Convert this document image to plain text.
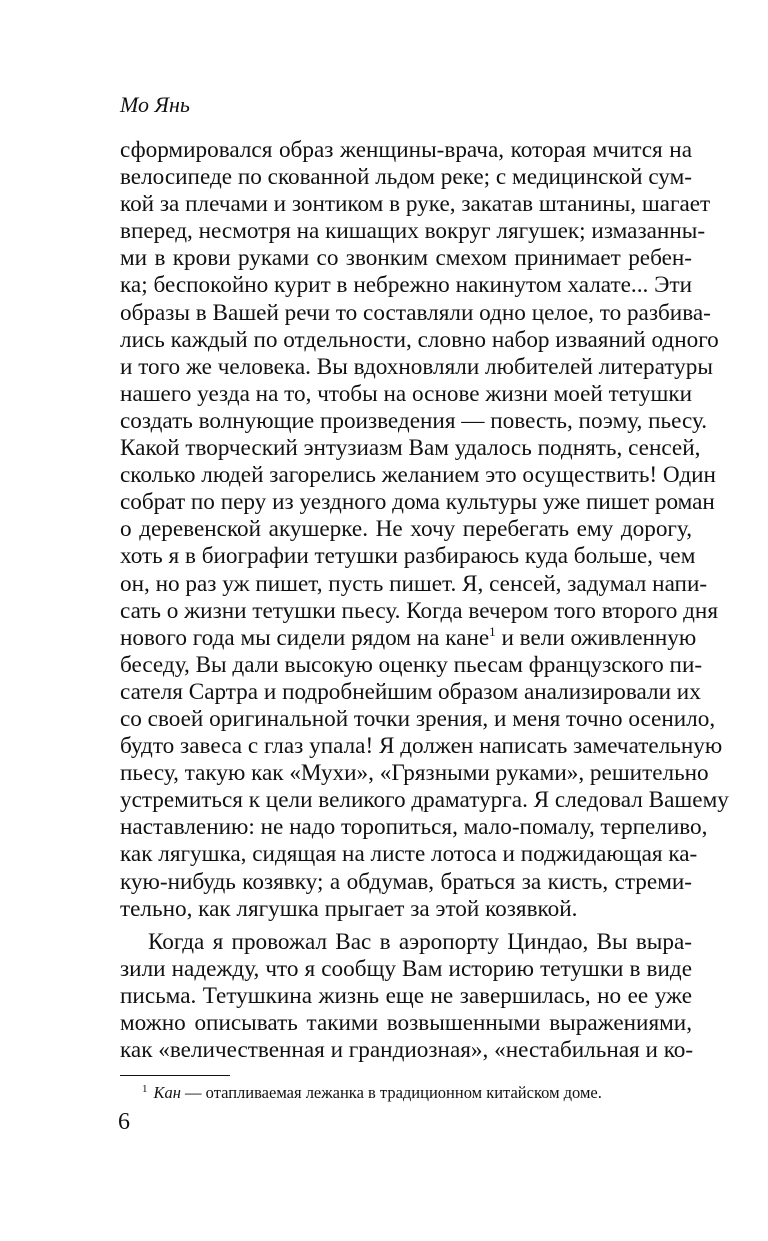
Мо Янь
сформировался образ женщины-врача, которая мчится на
велосипеде по скованной льдом реке; с медицинской сум-
кой за плечами и зонтиком в руке, закатав штанины, шагает
вперед, несмотря на кишащих вокруг лягушек; измазанны-
ми в крови руками со звонким смехом принимает ребен-
ка; беспокойно курит в небрежно накинутом халате... Эти
образы в Вашей речи то составляли одно целое, то разбива-
лись каждый по отдельности, словно набор изваяний одного
и того же человека. Вы вдохновляли любителей литературы
нашего уезда на то, чтобы на основе жизни моей тетушки
создать волнующие произведения — повесть, поэму, пьесу.
Какой творческий энтузиазм Вам удалось поднять, сенсей,
сколько людей загорелись желанием это осуществить! Один
собрат по перу из уездного дома культуры уже пишет роман
о деревенской акушерке. Не хочу перебегать ему дорогу,
хоть я в биографии тетушки разбираюсь куда больше, чем
он, но раз уж пишет, пусть пишет. Я, сенсей, задумал напи-
сать о жизни тетушки пьесу. Когда вечером того второго дня
нового года мы сидели рядом на кане$^1$ и вели оживленную
беседу, Вы дали высокую оценку пьесам французского пи-
сателя Сартра и подробнейшим образом анализировали их
со своей оригинальной точки зрения, и меня точно осенило,
будто завеса с глаз упала! Я должен написать замечательную
пьесу, такую как «Мухи», «Грязными руками», решительно
устремиться к цели великого драматурга. Я следовал Вашему
наставлению: не надо торопиться, мало-помалу, терпеливо,
как лягушка, сидящая на листе лотоса и поджидающая ка-
кую-нибудь козявку; а обдумав, браться за кисть, стреми-
тельно, как лягушка прыгает за этой козявкой.
Когда я провожал Вас в аэропорту Циндао, Вы выра-
зили надежду, что я сообщу Вам историю тетушки в виде
письма. Тетушкина жизнь еще не завершилась, но ее уже
можно описывать такими возвышенными выражениями,
как «величественная и грандиозная», «нестабильная и ко-
$^1$ Кан — отапливаемая лежанка в традиционном китайском доме.
6
